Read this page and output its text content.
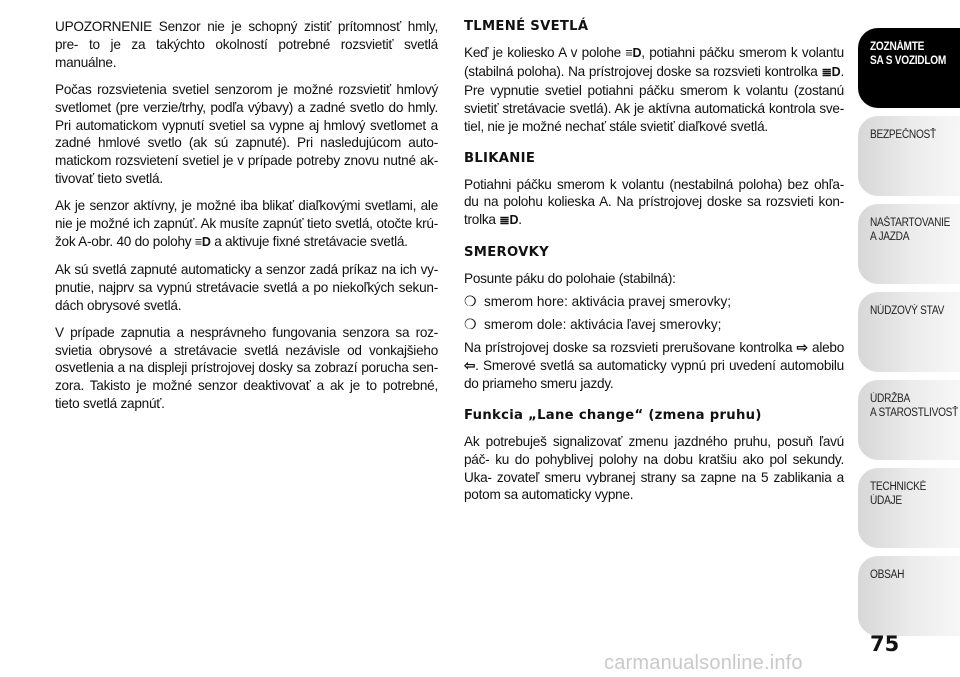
UPOZORNENIE Senzor nie je schopný zistiť prítomnosť hmly, pre- to je za takýchto okolností potrebné rozsvietiť svetlá manuálne.

Počas rozsvietenia svetiel senzorom je možné rozsvietiť hmlový svetlomet (pre verzie/trhy, podľa výbavy) a zadné svetlo do hmly. Pri automatickom vypnutí svetiel sa vypne aj hmlový svetlomet a zadné hmlové svetlo (ak sú zapnuté). Pri nasledujúcom auto- matickom rozsvietení svetiel je v prípade potreby znovu nutné ak- tivovať tieto svetlá.

Ak je senzor aktívny, je možné iba blikať diaľkovými svetlami, ale nie je možné ich zapnúť. Ak musíte zapnúť tieto svetlá, otočte krú- žok A-obr. 40 do polohy ≡D a aktivuje fixné stretávacie svetlá.

Ak sú svetlá zapnuté automaticky a senzor zadá príkaz na ich vy- pnutie, najprv sa vypnú stretávacie svetlá a po niekoľkých sekun- dách obrysové svetlá.

V prípade zapnutia a nesprávneho fungovania senzora sa roz- svietia obrysové a stretávacie svetlá nezávisle od vonkajšieho osvetlenia a na displeji prístrojovej dosky sa zobrazí porucha sen- zora. Takisto je možné senzor deaktivovať a ak je to potrebné, tieto svetlá zapnúť.

TLMENÉ SVETLÁ

Keď je koliesko A v polohe ≡D, potiahni páčku smerom k volantu (stabilná poloha). Na prístrojovej doske sa rozsvieti kontrolka ≣D. Pre vypnutie svetiel potiahni páčku smerom k volantu (zostanú svietiť stretávacie svetlá). Ak je aktívna automatická kontrola sve- tiel, nie je možné nechať stále svietiť diaľkové svetlá.

BLIKANIE

Potiahni páčku smerom k volantu (nestabilná poloha) bez ohľa- du na polohu kolieska A. Na prístrojovej doske sa rozsvieti kon- trolka ≣D.

SMEROVKY

Posunte páku do polohaie (stabilná):

❍ smerom hore: aktivácia pravej smerovky;
❍ smerom dole: aktivácia ľavej smerovky;

Na prístrojovej doske sa rozsvieti prerušovane kontrolka ⇨ alebo ⇦. Smerové svetlá sa automaticky vypnú pri uvedení automobilu do priameho smeru jazdy.

Funkcia „Lane change“ (zmena pruhu)

Ak potrebuješ signalizovať zmenu jazdného pruhu, posuň ľavú páč- ku do pohyblivej polohy na dobu kratšiu ako pol sekundy. Uka- zovateľ smeru vybranej strany sa zapne na 5 zablikania a potom sa automaticky vypne.

ZOZNÁMTE
SA S VOZIDLOM
BEZPEČNOSŤ
NAŠTARTOVANIE
A JAZDA
NÚDZOVÝ STAV
ÚDRŽBA
A STAROSTLIVOSŤ
TECHNICKÉ
ÚDAJE
OBSAH
75
carmanualsonline.info
